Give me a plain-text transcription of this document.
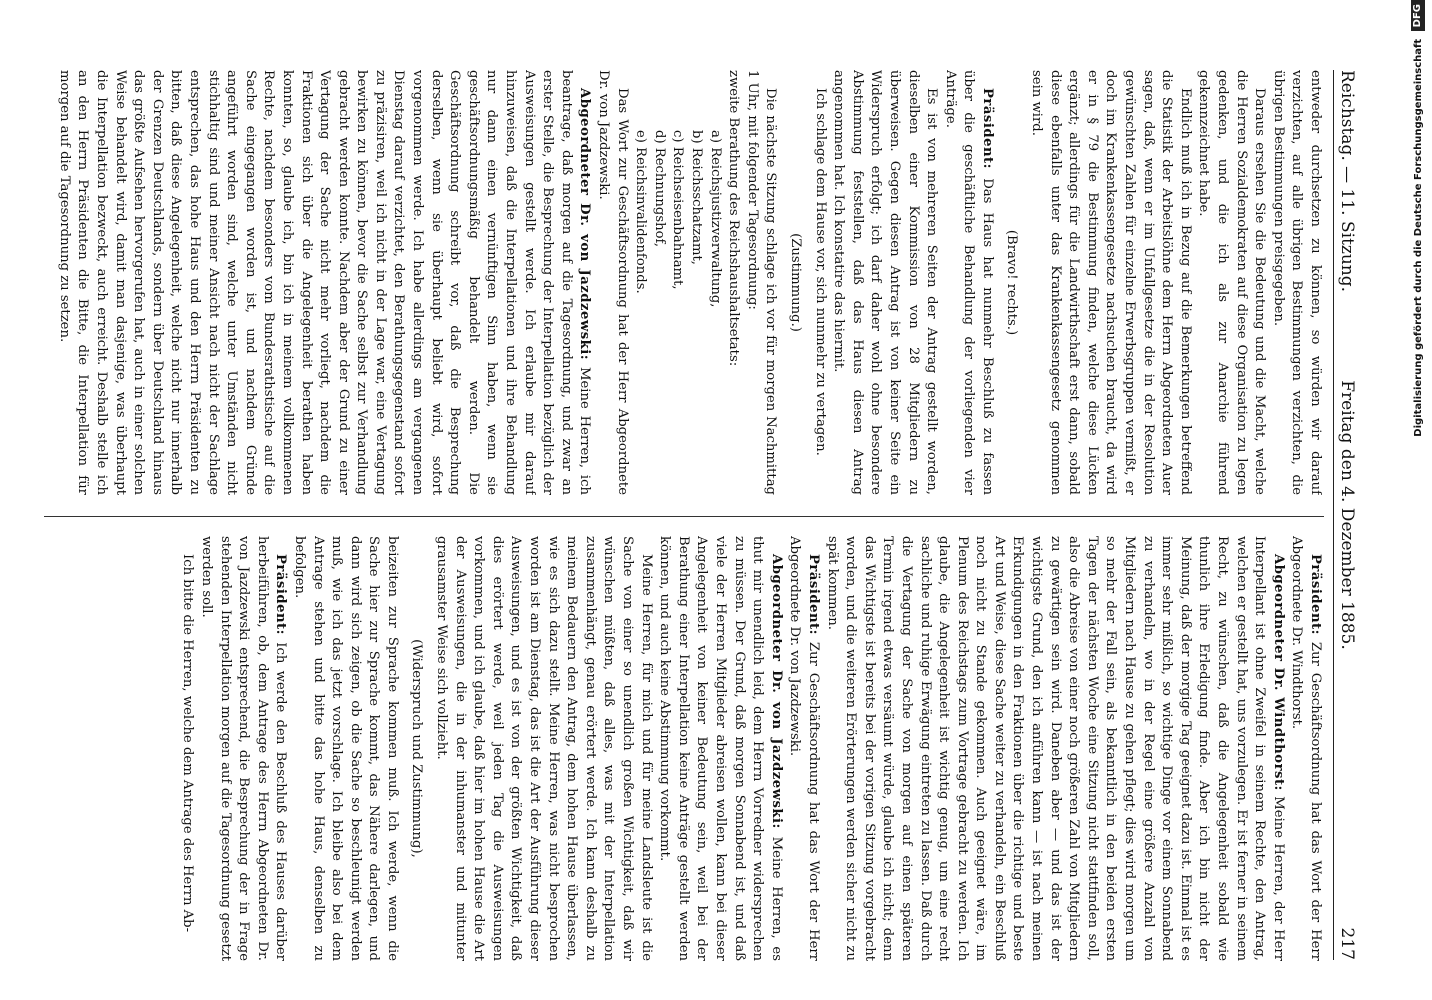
Reichstag. — 11. Sitzung.
Freitag den 4. Dezember 1885.
217

entweder durchsetzen zu können, so würden wir darauf verzichten, auf alle übrigen Bestimmungen verzichten, die übrigen Bestimmungen preisgegeben.

Daraus ersehen Sie die Bedeutung und die Macht, welche die Herren Sozialdemokraten auf diese Organisation zu legen gedenken, und die ich als zur Anarchie führend gekennzeichnet habe.

Endlich muß ich in Bezug auf die Bemerkungen betreffend die Statistik der Arbeitslöhne dem Herrn Abgeordneten Auer sagen, daß, wenn er im Unfallgesetze die in der Resolution gewünschten Zahlen für einzelne Erwerbsgruppen vermißt, er doch im Krankenkassengesetze nachsuchen braucht, da wird er in § 79 die Bestimmung finden, welche diese Lücken ergänzt; allerdings für die Landwirthschaft erst dann, sobald diese ebenfalls unter das Krankenkassengesetz genommen sein wird.

(Bravo! rechts.)

Präsident: Das Haus hat nunmehr Beschluß zu fassen über die geschäftliche Behandlung der vorliegenden vier Anträge.

Es ist von mehreren Seiten der Antrag gestellt worden, dieselben einer Kommission von 28 Mitgliedern zu überweisen. Gegen diesen Antrag ist von keiner Seite ein Widerspruch erfolgt; ich darf daher wohl ohne besondere Abstimmung feststellen, daß das Haus diesen Antrag angenommen hat. Ich konstatire das hiermit.

Ich schlage dem Hause vor, sich nunmehr zu vertagen.

(Zustimmung.)

Die nächste Sitzung schlage ich vor für morgen Nachmittag 1 Uhr, mit folgender Tagesordnung:

zweite Berathung des Reichshaushaltsetats:

a) Reichsjustizverwaltung,
b) Reichsschatzamt,
c) Reichseisenbahnamt,
d) Rechnungshof,
e) Reichsinvalidenfonds.

Das Wort zur Geschäftsordnung hat der Herr Abgeordnete Dr. von Jazdzewski.

Abgeordneter Dr. von Jazdzewski: Meine Herren, ich beantrage, daß morgen auf die Tagesordnung, und zwar an erster Stelle, die Besprechung der Interpellation bezüglich der Ausweisungen gestellt werde. Ich erlaube mir darauf hinzuweisen, daß die Interpellationen und ihre Behandlung nur dann einen vernünftigen Sinn haben, wenn sie geschäftsordnungsmäßig behandelt werden. Die Geschäftsordnung schreibt vor, daß die Besprechung derselben, wenn sie überhaupt beliebt wird, sofort vorgenommen werde. Ich habe allerdings am vergangenen Dienstag darauf verzichtet, den Berathungsgegenstand sofort zu präzisiren, weil ich nicht in der Lage war, eine Vertagung bewirken zu können, bevor die Sache selbst zur Verhandlung gebracht werden konnte. Nachdem aber der Grund zu einer Vertagung der Sache nicht mehr vorliegt, nachdem die Fraktionen sich über die Angelegenheit berathen haben konnten, so, glaube ich, bin ich in meinem vollkommenen Rechte, nachdem besonders vom Bundesrathstische auf die Sache eingegangen worden ist, und nachdem Gründe angeführt worden sind, welche unter Umständen nicht stichhaltig sind und meiner Ansicht nach nicht der Sachlage entsprechen, das hohe Haus und den Herrn Präsidenten zu bitten, daß diese Angelegenheit, welche nicht nur innerhalb der Grenzen Deutschlands, sondern über Deutschland hinaus das größte Aufsehen hervorgerufen hat, auch in einer solchen Weise behandelt wird, damit man dasjenige, was überhaupt die Interpellation bezweckt, auch erreicht. Deshalb stelle ich an den Herrn Präsidenten die Bitte, die Interpellation für morgen auf die Tagesordnung zu setzen.

Präsident: Zur Geschäftsordnung hat das Wort der Herr Abgeordnete Dr. Windthorst.

Abgeordneter Dr. Windthorst: Meine Herren, der Herr Interpellant ist ohne Zweifel in seinem Rechte, den Antrag, welchen er gestellt hat, uns vorzulegen. Er ist ferner in seinem Recht, zu wünschen, daß die Angelegenheit sobald wie thunlich ihre Erledigung finde. Aber ich bin nicht der Meinung, daß der morgige Tag geeignet dazu ist. Einmal ist es immer sehr mißlich, so wichtige Dinge vor einem Sonnabend zu verhandeln, wo in der Regel eine größere Anzahl von Mitgliedern nach Hause zu gehen pflegt; dies wird morgen um so mehr der Fall sein, als bekanntlich in den beiden ersten Tagen der nächsten Woche eine Sitzung nicht stattfinden soll, also die Abreise von einer noch größeren Zahl von Mitgliedern zu gewärtigen sein wird. Daneben aber — und das ist der wichtigste Grund, den ich anführen kann — ist nach meinen Erkundigungen in den Fraktionen über die richtige und beste Art und Weise, diese Sache weiter zu verhandeln, ein Beschluß noch nicht zu Stande gekommen. Auch geeignet wäre, im Plenum des Reichstags zum Vortrage gebracht zu werden. Ich glaube, die Angelegenheit ist wichtig genug, um eine recht sachliche und ruhige Erwägung eintreten zu lassen. Daß durch die Vertagung der Sache von morgen auf einen späteren Termin irgend etwas versäumt würde, glaube ich nicht; denn das Wichtigste ist bereits bei der vorigen Sitzung vorgebracht worden, und die weiteren Erörterungen werden sicher nicht zu spät kommen.

Präsident: Zur Geschäftsordnung hat das Wort der Herr Abgeordnete Dr. von Jazdzewski.

Abgeordneter Dr. von Jazdzewski: Meine Herren, es thut mir unendlich leid, dem Herrn Vorredner widersprechen zu müssen. Der Grund, daß morgen Sonnabend ist, und daß viele der Herren Mitglieder abreisen wollen, kann bei dieser Angelegenheit von keiner Bedeutung sein, weil bei der Berathung einer Interpellation keine Anträge gestellt werden können, und auch keine Abstimmung vorkommt.

Meine Herren, für mich und für meine Landsleute ist die Sache von einer so unendlich großen Wichtigkeit, daß wir wünschen müßten, daß alles, was mit der Interpellation zusammenhängt, genau erörtert werde. Ich kann deshalb zu meinem Bedauern den Antrag, dem hohen Hause überlassen, wie es sich dazu stellt. Meine Herren, was nicht besprochen worden ist am Dienstag, das ist die Art der Ausführung dieser Ausweisungen, und es ist von der größten Wichtigkeit, daß dies erörtert werde, weil jeden Tag die Ausweisungen vorkommen, und ich glaube, daß hier im hohen Hause die Art der Ausweisungen, die in der inhumanster und mitunter grausamster Weise sich vollzieht.

(Widerspruch und Zustimmung),

beizeiten zur Sprache kommen muß. Ich werde, wenn die Sache hier zur Sprache kommt, das Nähere darlegen, und dann wird sich zeigen, ob die Sache so beschleunigt werden muß, wie ich das jetzt vorschlage. Ich bleibe also bei dem Antrage stehen und bitte das hohe Haus, denselben zu befolgen.

Präsident: Ich werde den Beschluß des Hauses darüber herbeiführen, ob, dem Antrage des Herrn Abgeordneten Dr. von Jazdzewski entsprechend, die Besprechung der in Frage stehenden Interpellation morgen auf die Tagesordnung gesetzt werden soll.

Ich bitte die Herren, welche dem Antrage des Herrn Ab-

Digitalisierung gefördert durch die Deutsche Forschungsgemeinschaft DFG
